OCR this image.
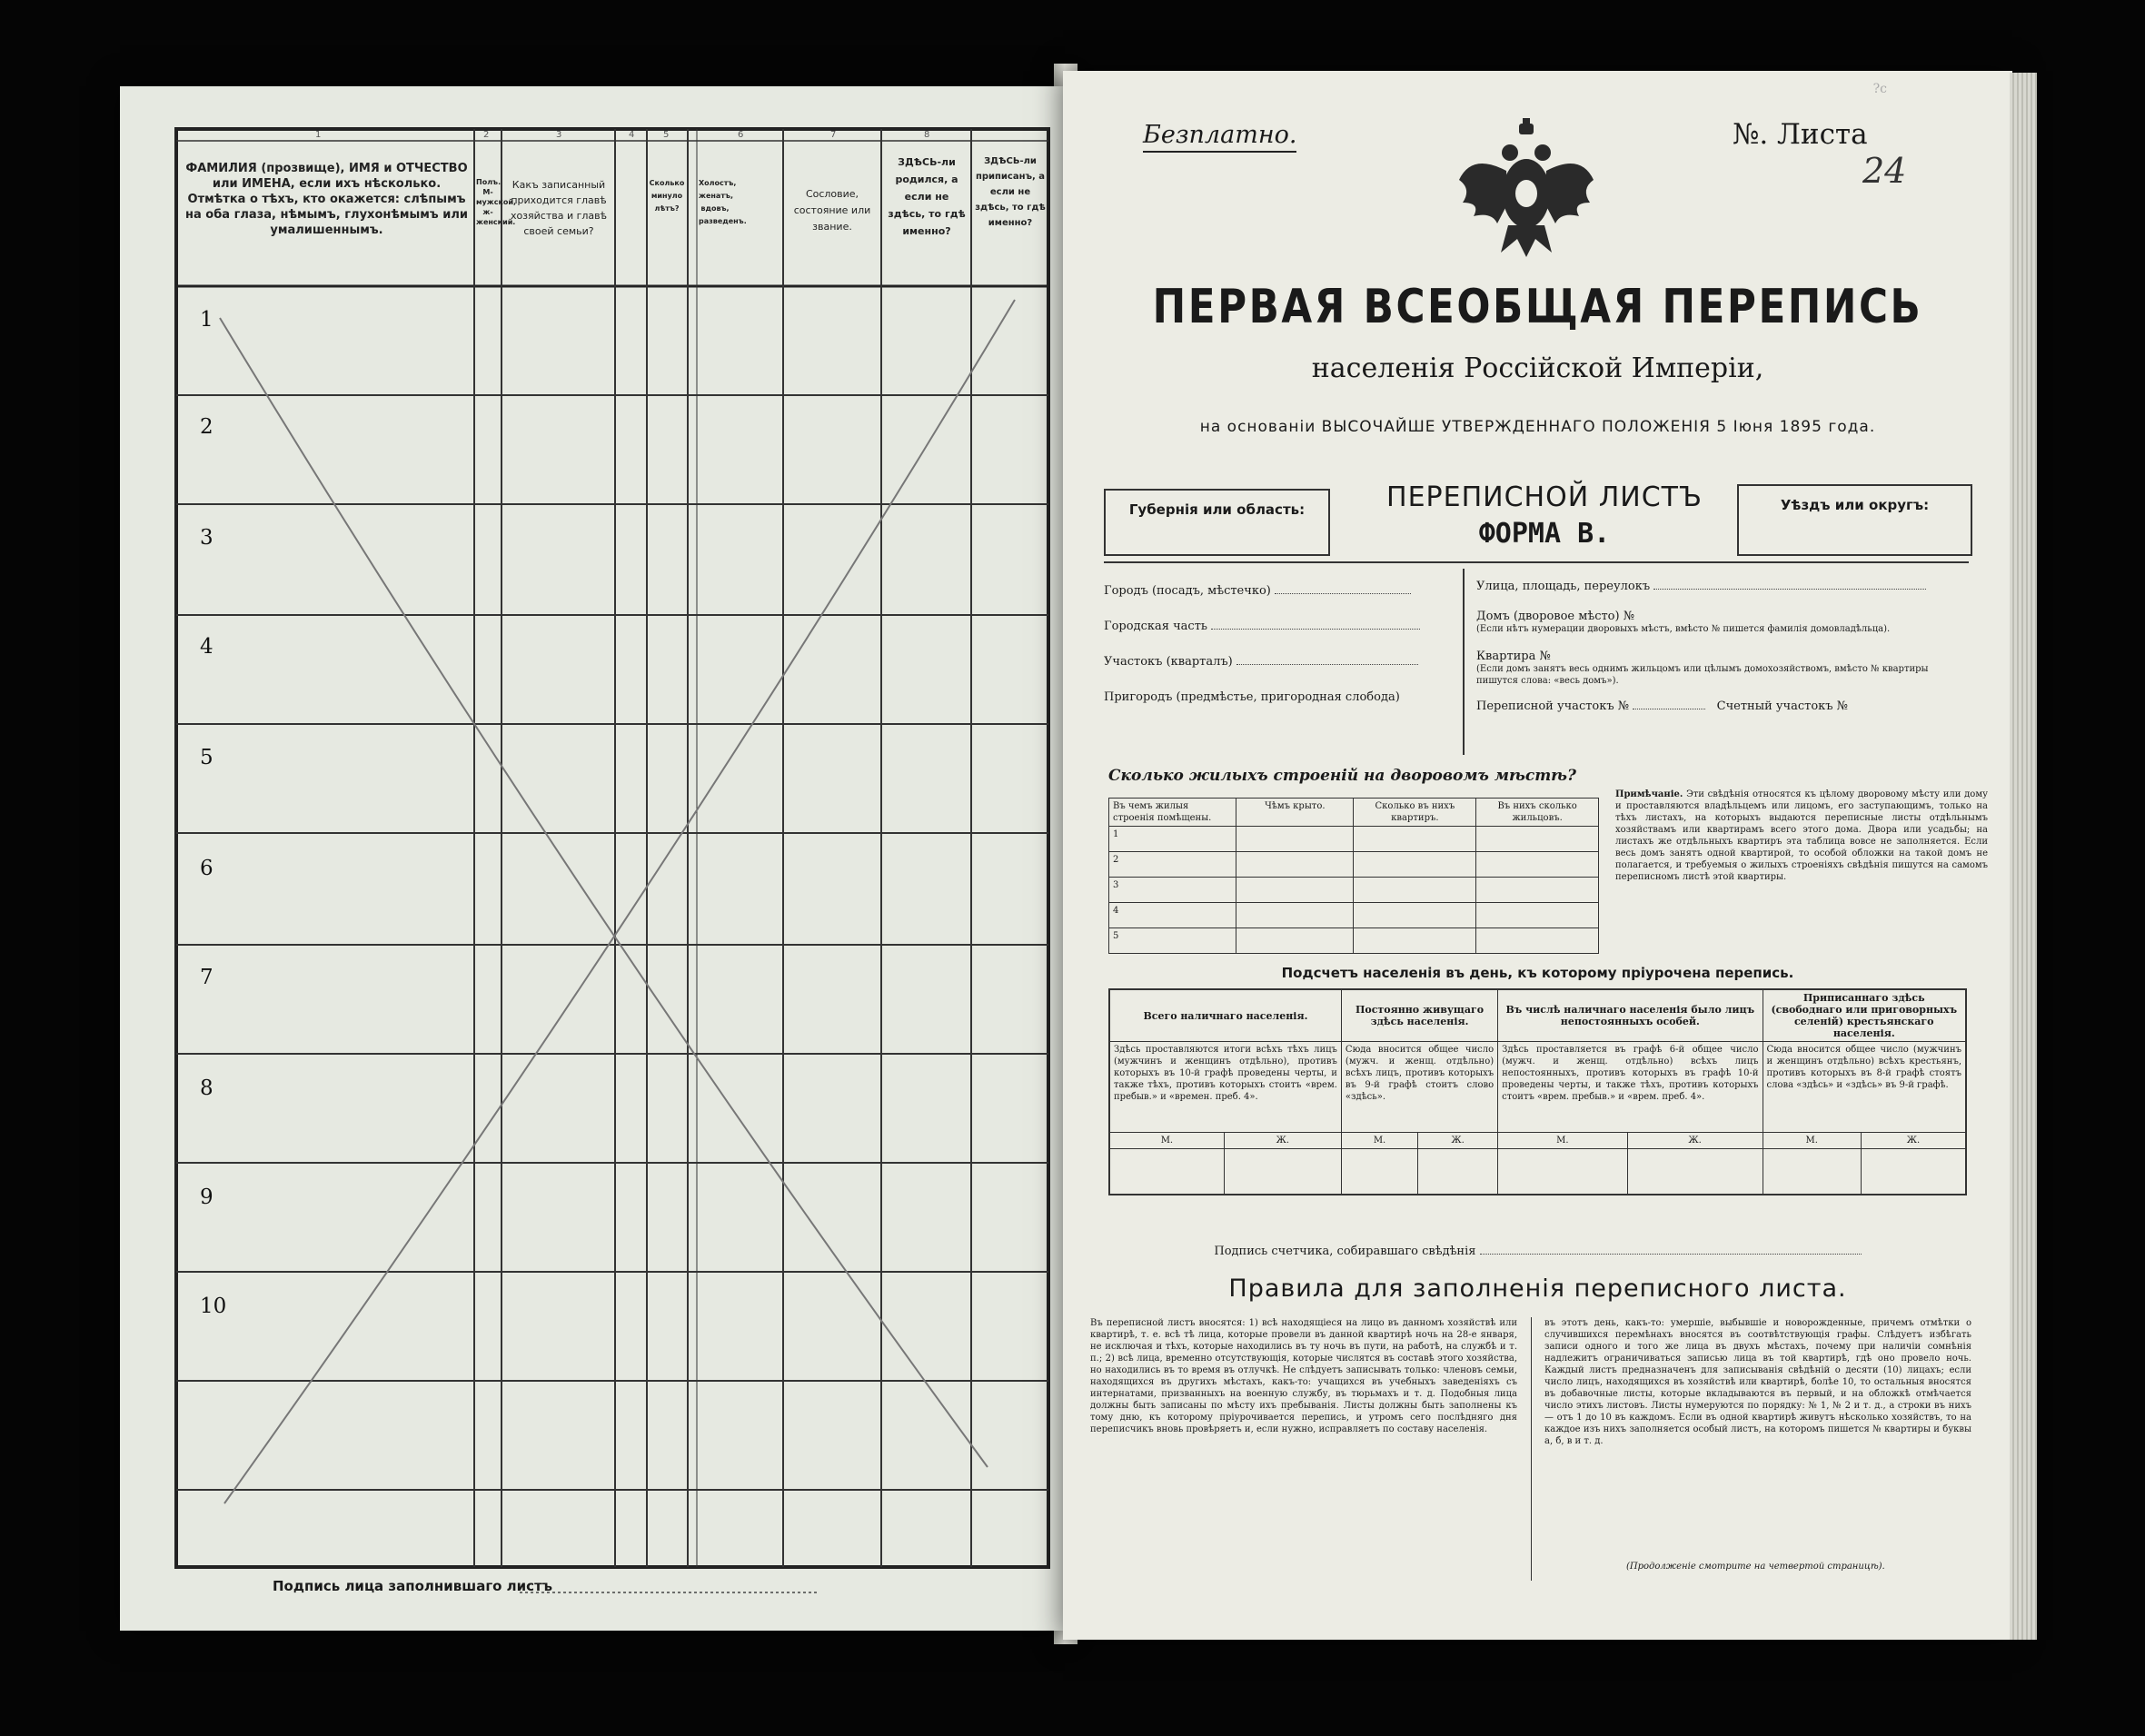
1	2	3	4	5	6	7	8
ФАМИЛИЯ (прозвище), ИМЯ и ОТЧЕСТВО или ИМЕНА, если ихъ нѣсколько. Отмѣтка о тѣхъ, кто окажется: слѣпымъ на оба глаза, нѣмымъ, глухонѣмымъ или умалишеннымъ.
Полъ. М-мужской, ж-женский.
Какъ записанный приходится главѣ хозяйства и главѣ своей семьи?
Сколько минуло лѣтъ?
Холостъ, женатъ, вдовъ, разведенъ.
Сословие, состояние или звание.
ЗДѢСЬ-ли родился, а если не здѣсь, то гдѣ именно?
ЗДѢСЬ-ли приписанъ, а если не здѣсь, то гдѣ именно?
1
2
3
4
5
6
7
8
9
10
Подпись лица заполнившаго листъ
Безплатно.	№. Листа
24
?с
ПЕРВАЯ ВСЕОБЩАЯ ПЕРЕПИСЬ
населенія Россійской Имперіи,
на основаніи ВЫСОЧАЙШЕ УТВЕРЖДЕННАГО ПОЛОЖЕНІЯ 5 Іюня 1895 года.
Губернія или область:	ПЕРЕПИСНОЙ ЛИСТЪ
ФОРМА В.
Уѣздъ или округъ:
Городъ (посадъ, мѣстечко)
Городская часть
Участокъ (кварталъ)
Пригородъ (предмѣстье, пригородная слобода)
Улица, площадь, переулокъ
Домъ (дворовое мѣсто) №
(Если нѣтъ нумерации дворовыхъ мѣстъ, вмѣсто № пишется фамилія домовладѣльца).
Квартира №
(Если домъ занятъ весь однимъ жильцомъ или цѣлымъ домохозяйствомъ, вмѣсто № квартиры пишутся слова: «весь домъ»).
Переписной участокъ №	Счетный участокъ №
Сколько жилыхъ строеній на дворовомъ мѣстѣ?
Въ чемъ жилыя строенія помѣщены.	Чѣмъ крыто.	Сколько въ нихъ квартиръ.	Въ нихъ сколько жильцовъ.
1			
2			
3			
4			
5			
Примѣчаніе. Эти свѣдѣнія относятся къ цѣлому дворовому мѣсту или дому и проставляются владѣльцемъ или лицомъ, его заступающимъ, только на тѣхъ листахъ, на которыхъ выдаются переписные листы отдѣльнымъ хозяйствамъ или квартирамъ всего этого дома. Двора или усадьбы; на листахъ же отдѣльныхъ квартиръ эта таблица вовсе не заполняется. Если весь домъ занятъ одной квартирой, то особой обложки на такой домъ не полагается, и требуемыя о жилыхъ строеніяхъ свѣдѣнія пишутся на самомъ переписномъ листѣ этой квартиры.
Подсчетъ населенія въ день, къ которому пріурочена перепись.
Всего наличнаго населенія.		Постоянно живущаго здѣсь населенія.		Въ числѣ наличнаго населенія было лицъ непостоянныхъ особей.		Приписаннаго здѣсь (свободнаго или приговорныхъ селеній) крестьянскаго населенія.	
Здѣсь проставляются итоги всѣхъ тѣхъ лицъ (мужчинъ и женщинъ отдѣльно), противъ которыхъ въ 10-й графѣ проведены черты, и также тѣхъ, противъ которыхъ стоитъ «врем. пребыв.» и «времен. преб. 4».		Сюда вносится общее число (мужч. и женщ. отдѣльно) всѣхъ лицъ, противъ которыхъ въ 9-й графѣ стоитъ слово «здѣсь».		Здѣсь проставляется въ графѣ 6-й общее число (мужч. и женщ. отдѣльно) всѣхъ лицъ непостоянныхъ, противъ которыхъ въ графѣ 10-й проведены черты, и также тѣхъ, противъ которыхъ стоитъ «врем. пребыв.» и «врем. преб. 4».		Сюда вносится общее число (мужчинъ и женщинъ отдѣльно) всѣхъ крестьянъ, противъ которыхъ въ 8-й графѣ стоятъ слова «здѣсь» и «здѣсь» въ 9-й графѣ.	
М.	Ж.	М.	Ж.	М.	Ж.	М.	Ж.

Подпись счетчика, собиравшаго свѣдѣнія
Правила для заполненія переписного листа.
Въ переписной листъ вносятся: 1) всѣ находящіеся на лицо въ данномъ хозяйствѣ или квартирѣ, т. е. всѣ тѣ лица, которые провели въ данной квартирѣ ночь на 28-е января, не исключая и тѣхъ, которые находились въ ту ночь въ пути, на работѣ, на службѣ и т. п.; 2) всѣ лица, временно отсутствующія, которые числятся въ составѣ этого хозяйства, но находились въ то время въ отлучкѣ. Не слѣдуетъ записывать только: членовъ семьи, находящихся въ другихъ мѣстахъ, какъ-то: учащихся въ учебныхъ заведеніяхъ съ интернатами, призванныхъ на военную службу, въ тюрьмахъ и т. д. Подобныя лица должны быть записаны по мѣсту ихъ пребыванія. Листы должны быть заполнены къ тому дню, къ которому пріурочивается перепись, и утромъ сего послѣдняго дня переписчикъ вновь провѣряетъ и, если нужно, исправляетъ по составу населенія.
въ этотъ день, какъ-то: умершіе, выбывшіе и новорожденные, причемъ отмѣтки о случившихся перемѣнахъ вносятся въ соотвѣтствующія графы. Слѣдуетъ избѣгать записи одного и того же лица въ двухъ мѣстахъ, почему при наличіи сомнѣнія надлежитъ ограничиваться записью лица въ той квартирѣ, гдѣ оно провело ночь. Каждый листъ предназначенъ для записыванія свѣдѣній о десяти (10) лицахъ; если число лицъ, находящихся въ хозяйствѣ или квартирѣ, болѣе 10, то остальныя вносятся въ добавочные листы, которые вкладываются въ первый, и на обложкѣ отмѣчается число этихъ листовъ. Листы нумеруются по порядку: № 1, № 2 и т. д., а строки въ нихъ — отъ 1 до 10 въ каждомъ. Если въ одной квартирѣ живутъ нѣсколько хозяйствъ, то на каждое изъ нихъ заполняется особый листъ, на которомъ пишется № квартиры и буквы а, б, в и т. д.
(Продолженіе смотрите на четвертой страницѣ).
